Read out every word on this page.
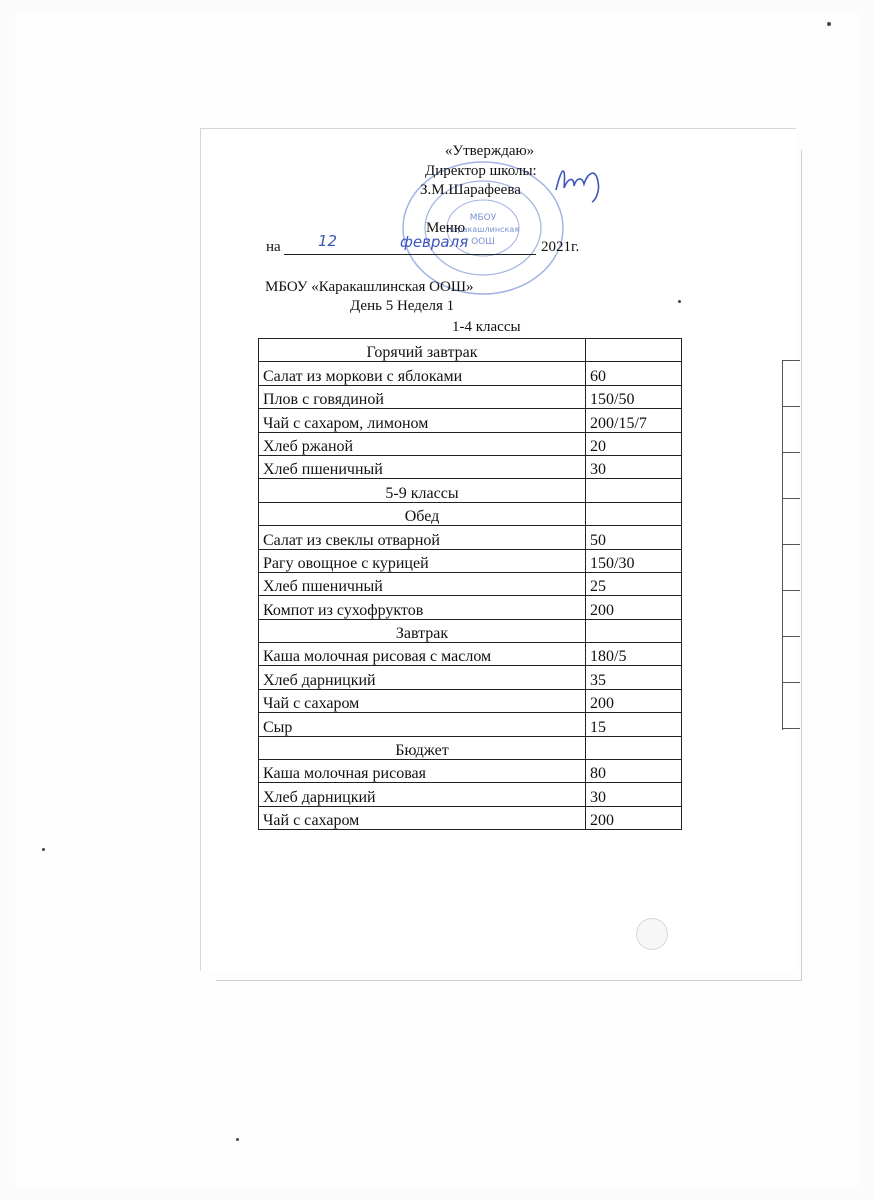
МБОУ
Каракашлинская
ООШ
Шар
«Утверждаю»
Директор школы:
З.М.Шарафеева
Меню
на 12	февраля	2021г.
МБОУ «Каракашлинская ООШ»
День 5 Неделя 1
1-4 классы
Горячий завтрак	
Салат из моркови с яблоками	60
Плов с говядиной	150/50
Чай с сахаром, лимоном	200/15/7
Хлеб ржаной	20
Хлеб пшеничный	30
5-9 классы	
Обед	
Салат из свеклы отварной	50
Рагу овощное с курицей	150/30
Хлеб пшеничный	25
Компот из сухофруктов	200
Завтрак	
Каша молочная рисовая с маслом	180/5
Хлеб дарницкий	35
Чай с сахаром	200
Сыр	15
Бюджет	
Каша молочная рисовая	80
Хлеб дарницкий	30
Чай с сахаром	200
